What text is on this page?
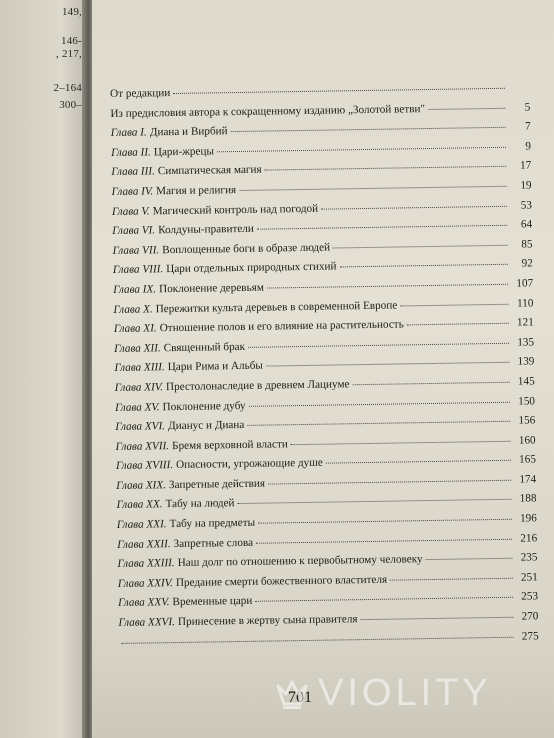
149,
146-
, 217,
2–164
300–
От редакции
Из предисловия автора к сокращенному изданию „Золотой ветви"	5
Глава I. Диана и Вирбий	7
Глава II. Цари-жрецы	9
Глава III. Симпатическая магия	17
Глава IV. Магия и религия	19
Глава V. Магический контроль над погодой	53
Глава VI. Колдуны-правители	64
Глава VII. Воплощенные боги в образе людей	85
Глава VIII. Цари отдельных природных стихий	92
Глава IX. Поклонение деревьям	107
Глава X. Пережитки культа деревьев в современной Европе	110
Глава XI. Отношение полов и его влияние на растительность	121
Глава XII. Священный брак	135
Глава XIII. Цари Рима и Альбы	139
Глава XIV. Престолонаследие в древнем Лациуме	145
Глава XV. Поклонение дубу	150
Глава XVI. Дианус и Диана	156
Глава XVII. Бремя верховной власти	160
Глава XVIII. Опасности, угрожающие душе	165
Глава XIX. Запретные действия	174
Глава XX. Табу на людей	188
Глава XXI. Табу на предметы	196
Глава XXII. Запретные слова	216
Глава XXIII. Наш долг по отношению к первобытному человеку	235
Глава XXIV. Предание смерти божественного властителя	251
Глава XXV. Временные цари	253
Глава XXVI. Принесение в жертву сына правителя	270
275
701 VIOLITY
